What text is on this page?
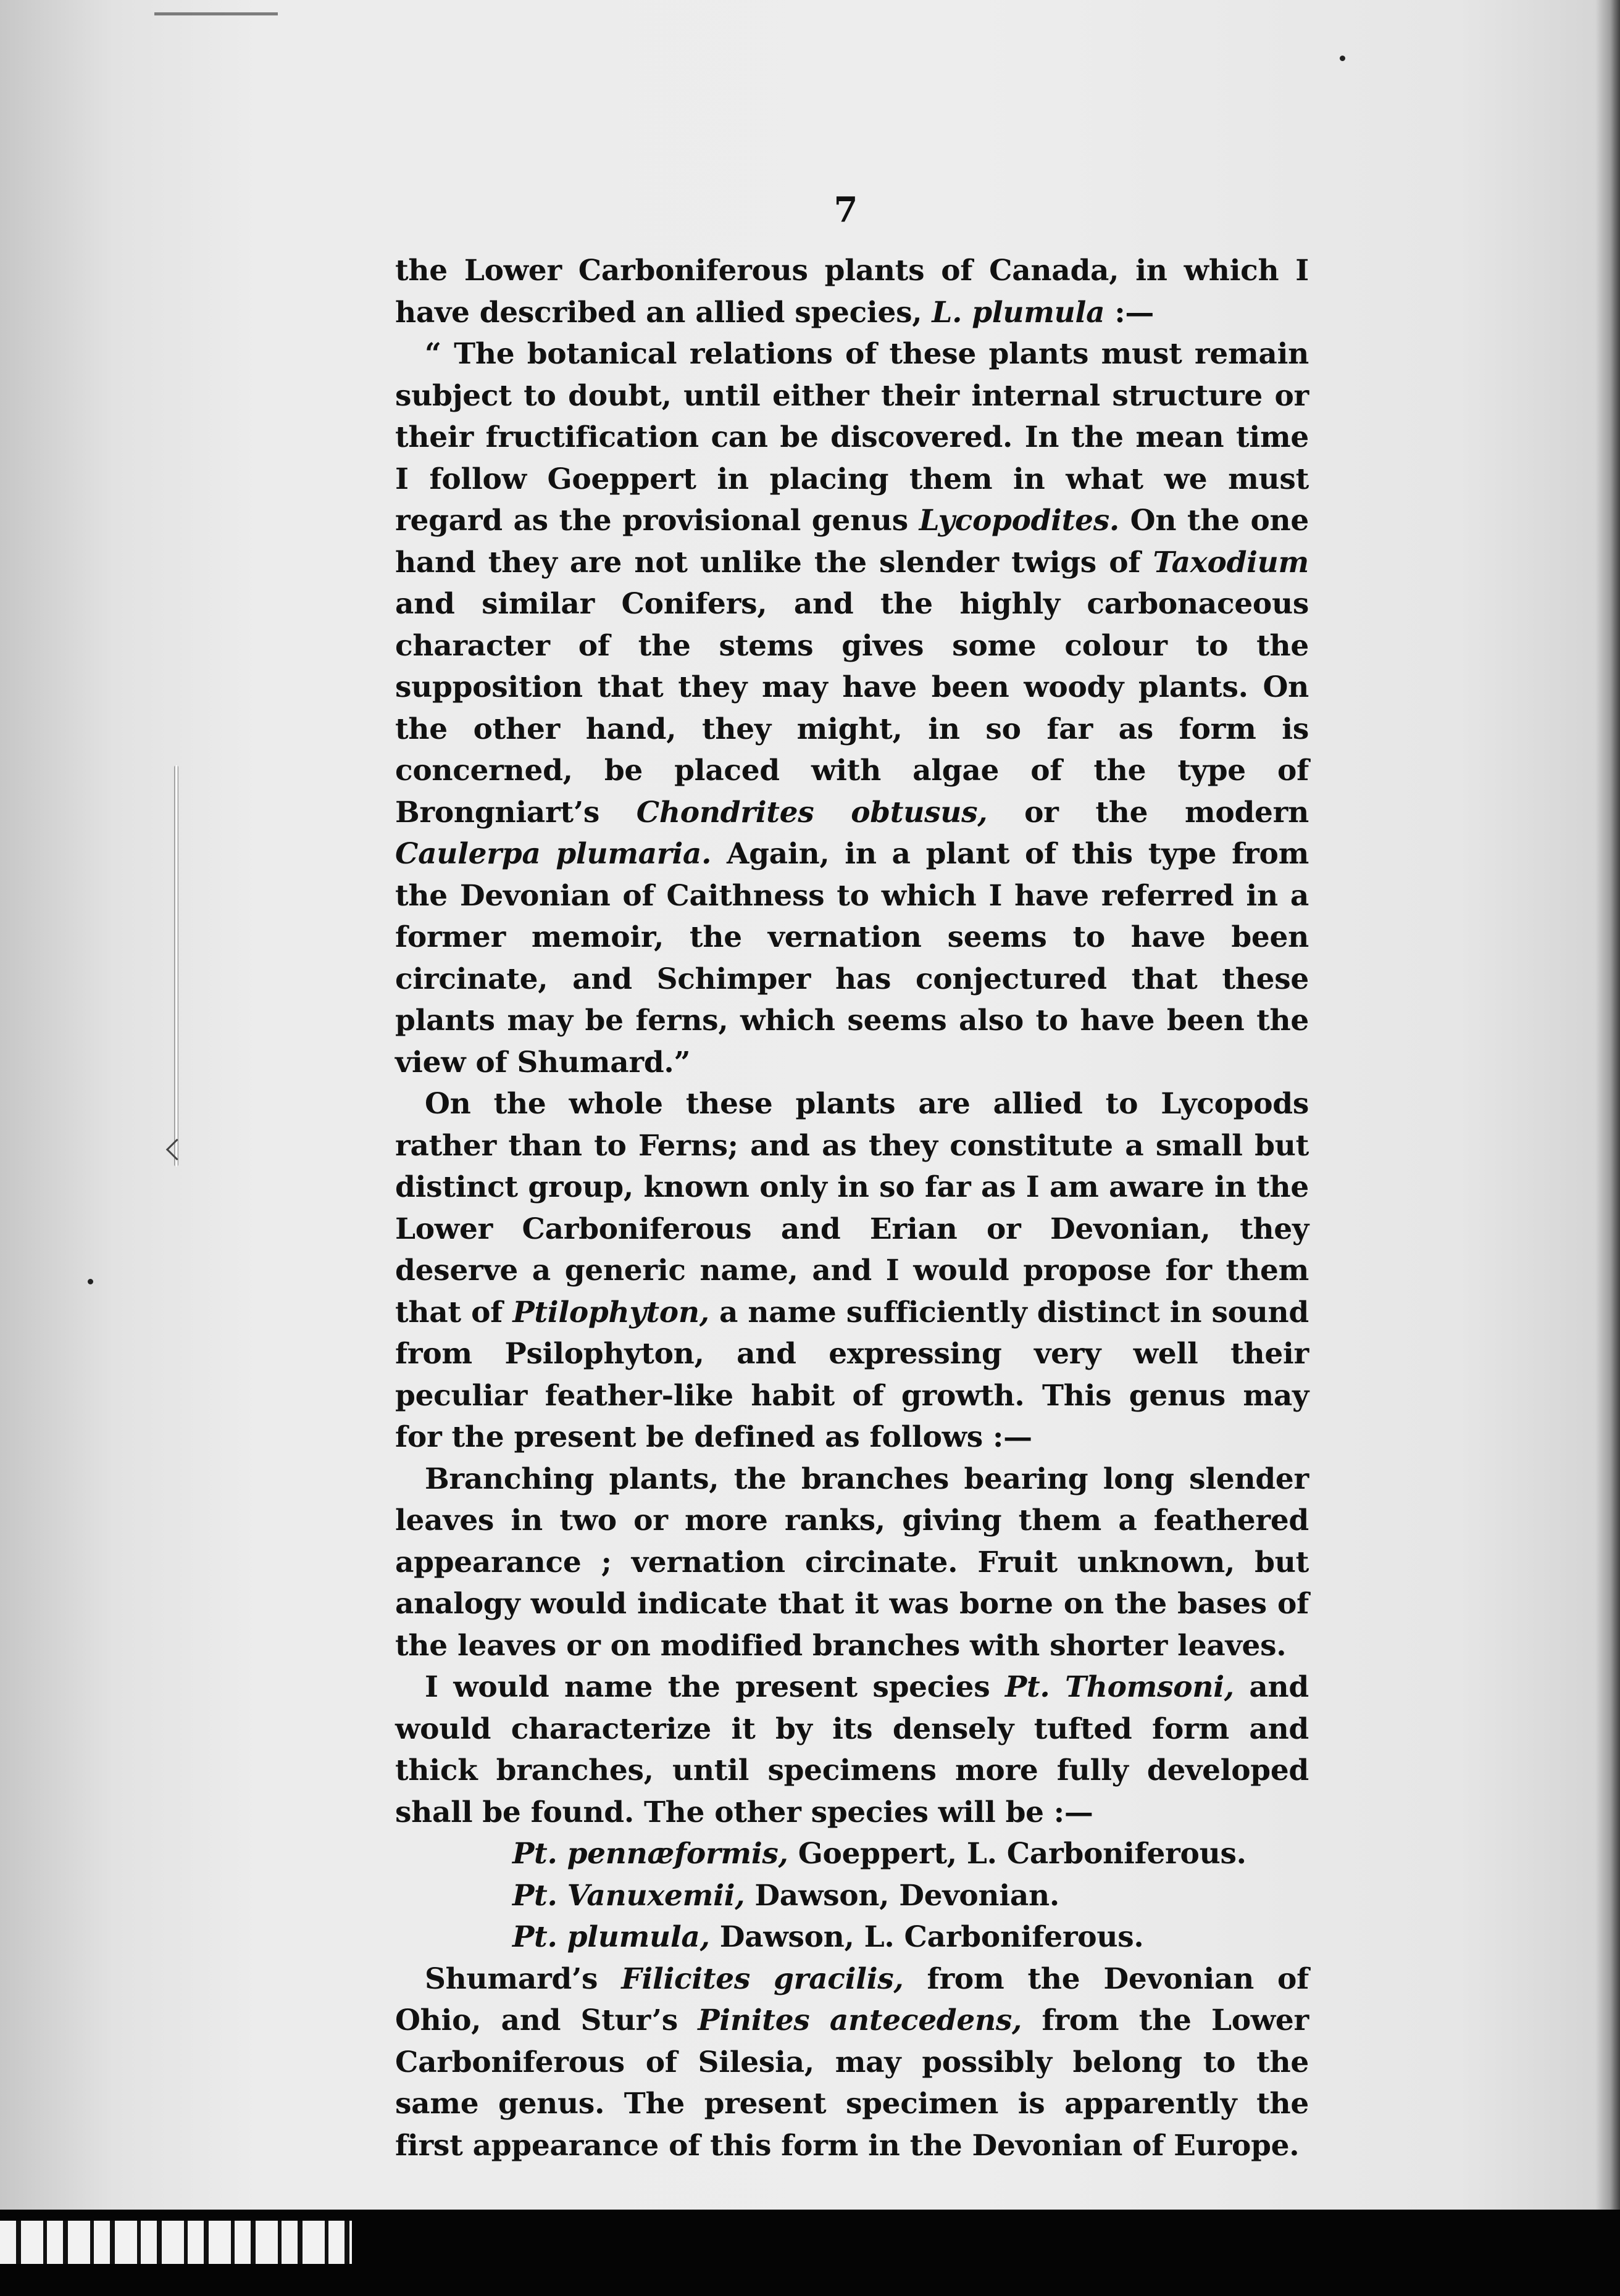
7

the Lower Carboniferous plants of Canada, in which I have described an allied species, L. plumula :—

“ The botanical relations of these plants must remain subject to doubt, until either their internal structure or their fructification can be discovered. In the mean time I follow Goeppert in placing them in what we must regard as the provisional genus Lycopodites. On the one hand they are not unlike the slender twigs of Taxodium and similar Conifers, and the highly carbonaceous character of the stems gives some colour to the supposition that they may have been woody plants. On the other hand, they might, in so far as form is concerned, be placed with algae of the type of Brongniart’s Chondrites obtusus, or the modern Caulerpa plumaria. Again, in a plant of this type from the Devonian of Caithness to which I have referred in a former memoir, the vernation seems to have been circinate, and Schimper has conjectured that these plants may be ferns, which seems also to have been the view of Shumard.”

On the whole these plants are allied to Lycopods rather than to Ferns; and as they constitute a small but distinct group, known only in so far as I am aware in the Lower Carboniferous and Erian or Devonian, they deserve a generic name, and I would propose for them that of Ptilophyton, a name sufficiently distinct in sound from Psilophyton, and expressing very well their peculiar feather-like habit of growth. This genus may for the present be defined as follows :—

Branching plants, the branches bearing long slender leaves in two or more ranks, giving them a feathered appearance ; vernation circinate. Fruit unknown, but analogy would indicate that it was borne on the bases of the leaves or on modified branches with shorter leaves.

I would name the present species Pt. Thomsoni, and would characterize it by its densely tufted form and thick branches, until specimens more fully developed shall be found. The other species will be :—

Pt. pennæformis, Goeppert, L. Carboniferous.
Pt. Vanuxemii, Dawson, Devonian.
Pt. plumula, Dawson, L. Carboniferous.

Shumard’s Filicites gracilis, from the Devonian of Ohio, and Stur’s Pinites antecedens, from the Lower Carboniferous of Silesia, may possibly belong to the same genus. The present specimen is apparently the first appearance of this form in the Devonian of Europe.
